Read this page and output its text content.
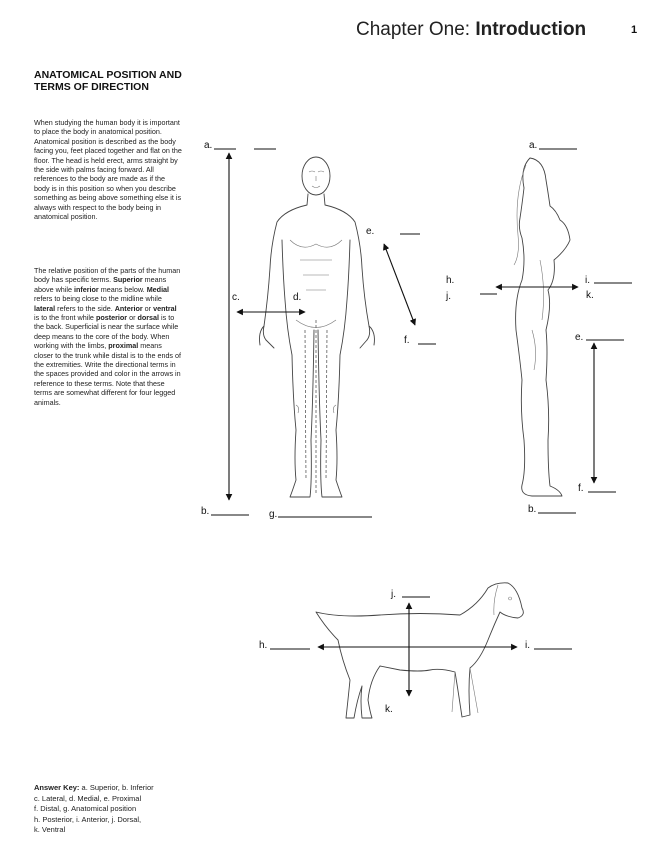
Chapter One: Introduction	1
ANATOMICAL POSITION AND TERMS OF DIRECTION
When studying the human body it is important to place the body in anatomical position. Anatomical position is described as the body facing you, feet placed together and flat on the floor. The head is held erect, arms straight by the side with palms facing forward. All references to the body are made as if the body is in this position so when you describe something as being above something else it is always with respect to the body being in anatomical position.
The relative position of the parts of the human body has specific terms. Superior means above while inferior means below. Medial refers to being close to the midline while lateral refers to the side. Anterior or ventral is to the front while posterior or dorsal is to the back. Superficial is near the surface while deep means to the core of the body. When working with the limbs, proximal means closer to the trunk while distal is to the ends of the extremities. Write the directional terms in the spaces provided and color in the arrows in reference to these terms. Note that these terms are somewhat different for four legged animals.
a.	a.
e.
h.
j.
i.
k.
c.	d.
f.	e.
f.
b.	g.	b.
j.
h.	i.
k.
Answer Key: a. Superior, b. Inferior
c. Lateral, d. Medial, e. Proximal
f. Distal, g. Anatomical position
h. Posterior, i. Anterior, j. Dorsal,
k. Ventral
